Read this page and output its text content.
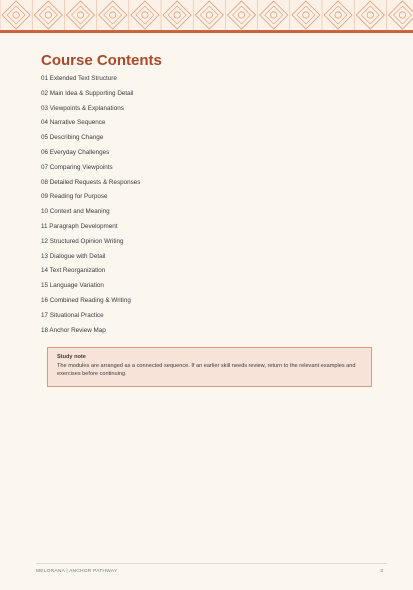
Course Contents
01 Extended Text Structure
02 Main Idea & Supporting Detail
03 Viewpoints & Explanations
04 Narrative Sequence
05 Describing Change
06 Everyday Challenges
07 Comparing Viewpoints
08 Detailed Requests & Responses
09 Reading for Purpose
10 Context and Meaning
11 Paragraph Development
12 Structured Opinion Writing
13 Dialogue with Detail
14 Text Reorganization
15 Language Variation
16 Combined Reading & Writing
17 Situational Practice
18 Anchor Review Map
Study note
The modules are arranged as a connected sequence. If an earlier skill needs review, return to the relevant examples and exercises before continuing.
MELORANA | ANCHOR PATHWAY	3
